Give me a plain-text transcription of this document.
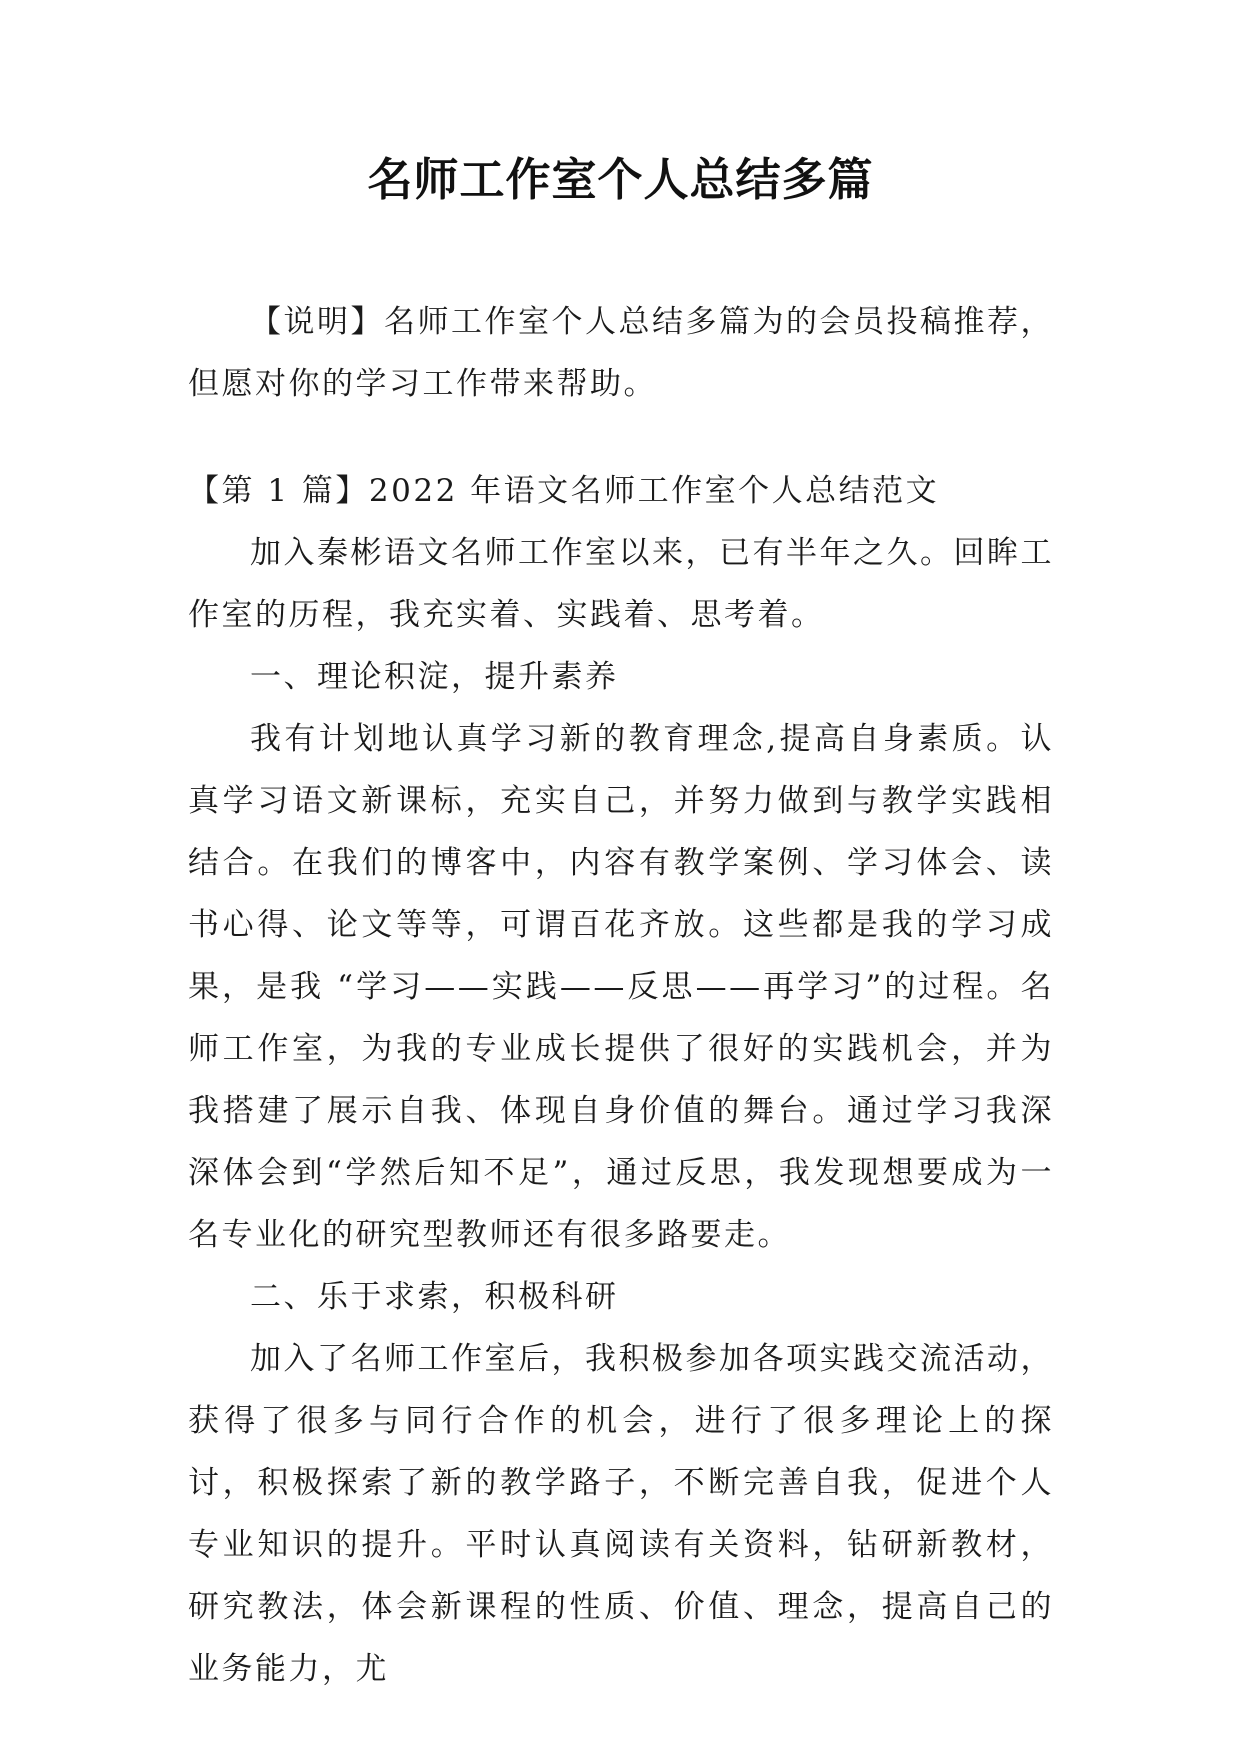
名师工作室个人总结多篇

【说明】名师工作室个人总结多篇为的会员投稿推荐，但愿对你的学习工作带来帮助。

【第 1 篇】2022 年语文名师工作室个人总结范文

加入秦彬语文名师工作室以来，已有半年之久。回眸工作室的历程，我充实着、实践着、思考着。

一、理论积淀，提升素养

我有计划地认真学习新的教育理念,提高自身素质。认真学习语文新课标，充实自己，并努力做到与教学实践相结合。在我们的博客中，内容有教学案例、学习体会、读书心得、论文等等，可谓百花齐放。这些都是我的学习成果，是我 “学习——实践——反思——再学习”的过程。名师工作室，为我的专业成长提供了很好的实践机会，并为我搭建了展示自我、体现自身价值的舞台。通过学习我深深体会到“学然后知不足”，通过反思，我发现想要成为一名专业化的研究型教师还有很多路要走。

二、乐于求索，积极科研

加入了名师工作室后，我积极参加各项实践交流活动，获得了很多与同行合作的机会，进行了很多理论上的探讨，积极探索了新的教学路子，不断完善自我，促进个人专业知识的提升。平时认真阅读有关资料，钻研新教材，研究教法，体会新课程的性质、价值、理念，提高自己的业务能力，尤
